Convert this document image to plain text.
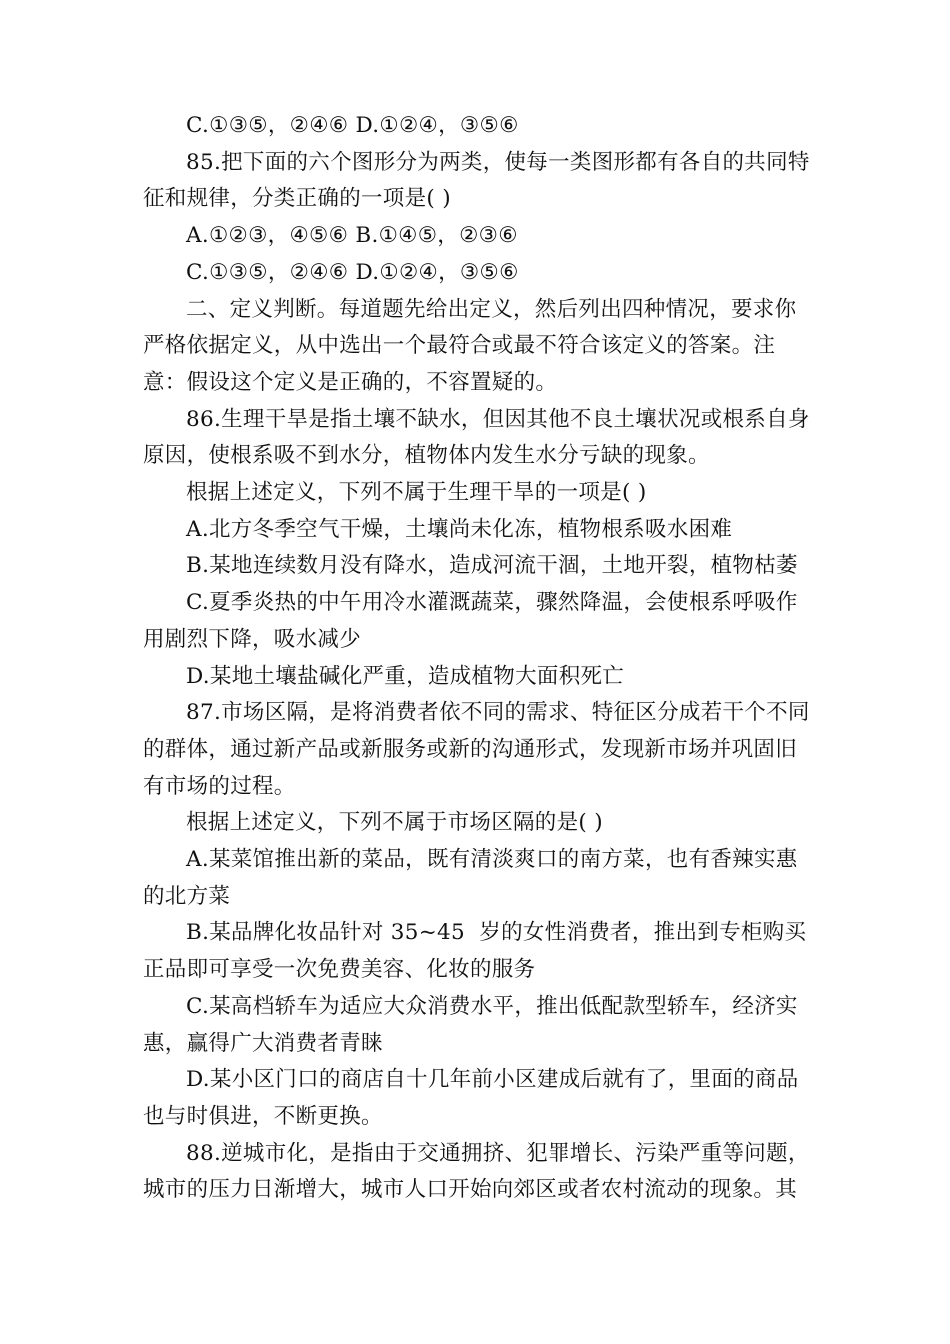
C.①③⑤，②④⑥ D.①②④，③⑤⑥

85.把下面的六个图形分为两类，使每一类图形都有各自的共同特征和规律，分类正确的一项是( )

A.①②③，④⑤⑥ B.①④⑤，②③⑥

C.①③⑤，②④⑥ D.①②④，③⑤⑥

二、定义判断。每道题先给出定义，然后列出四种情况，要求你严格依据定义，从中选出一个最符合或最不符合该定义的答案。注意：假设这个定义是正确的，不容置疑的。

86.生理干旱是指土壤不缺水，但因其他不良土壤状况或根系自身原因，使根系吸不到水分，植物体内发生水分亏缺的现象。

根据上述定义，下列不属于生理干旱的一项是( )

A.北方冬季空气干燥，土壤尚未化冻，植物根系吸水困难

B.某地连续数月没有降水，造成河流干涸，土地开裂，植物枯萎

C.夏季炎热的中午用冷水灌溉蔬菜，骤然降温，会使根系呼吸作用剧烈下降，吸水减少

D.某地土壤盐碱化严重，造成植物大面积死亡

87.市场区隔，是将消费者依不同的需求、特征区分成若干个不同的群体，通过新产品或新服务或新的沟通形式，发现新市场并巩固旧有市场的过程。

根据上述定义，下列不属于市场区隔的是( )

A.某菜馆推出新的菜品，既有清淡爽口的南方菜，也有香辣实惠的北方菜

B.某品牌化妆品针对 35~45  岁的女性消费者，推出到专柜购买正品即可享受一次免费美容、化妆的服务

C.某高档轿车为适应大众消费水平，推出低配款型轿车，经济实惠，赢得广大消费者青睐

D.某小区门口的商店自十几年前小区建成后就有了，里面的商品也与时俱进，不断更换。

88.逆城市化，是指由于交通拥挤、犯罪增长、污染严重等问题，城市的压力日渐增大，城市人口开始向郊区或者农村流动的现象。其
